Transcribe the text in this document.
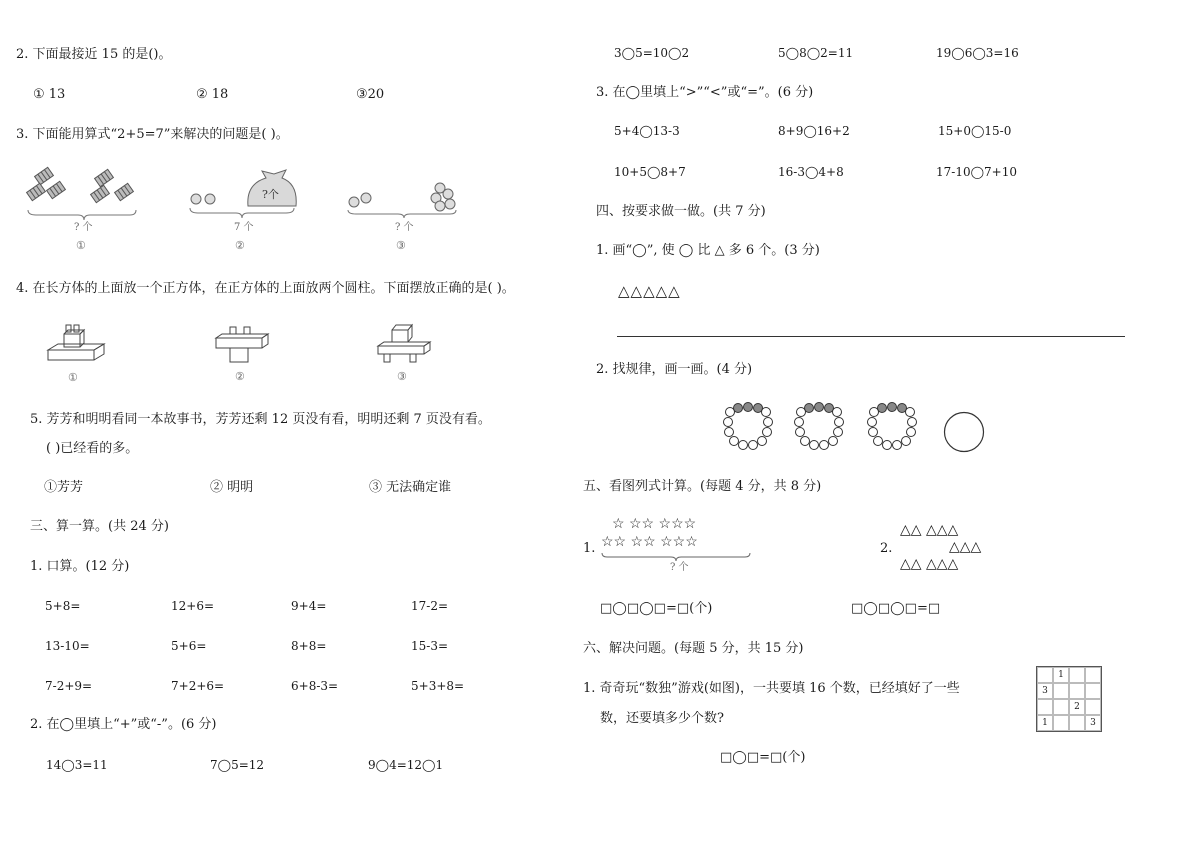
2. 下面最接近 15 的是()。
① 13	② 18	③20
3. 下面能用算式“2+5=7”来解决的问题是( )。
? 个
①
?个
7 个
②
? 个
③
4. 在长方体的上面放一个正方体，在正方体的上面放两个圆柱。下面摆放正确的是( )。
①	②	③
5. 芳芳和明明看同一本故事书，芳芳还剩 12 页没有看，明明还剩 7 页没有看。
( )已经看的多。
①芳芳	② 明明	③ 无法确定谁
三、算一算。(共 24 分)
1. 口算。(12 分)
5+8=	12+6=	9+4=	17-2=
13-10=	5+6=	8+8=	15-3=
7-2+9=	7+2+6=	6+8-3=	5+3+8=
2. 在◯里填上“+”或“-”。(6 分)
14◯3=11	7◯5=12	9◯4=12◯1
3◯5=10◯2	5◯8◯2=11	19◯6◯3=16
3. 在◯里填上“>”“<”或“=”。(6 分)
5+4◯13-3	8+9◯16+2	15+0◯15-0
10+5◯8+7	16-3◯4+8	17-10◯7+10
四、按要求做一做。(共 7 分)
1. 画“◯”, 使 ◯ 比 △ 多 6 个。(3 分)
△△△△△
2. 找规律，画一画。(4 分)
五、看图列式计算。(每题 4 分，共 8 分)
1.
☆ ☆☆ ☆☆☆
☆☆ ☆☆ ☆☆☆
? 个
2.
△△ △△△
△△△
△△ △△△
□◯□◯□=□(个)	□◯□◯□=□
六、解决问题。(每题 5 分，共 15 分)
1. 奇奇玩“数独”游戏(如图)，一共要填 16 个数，已经填好了一些
数，还要填多少个数?
1
3
2
1	3
□◯□=□(个)
